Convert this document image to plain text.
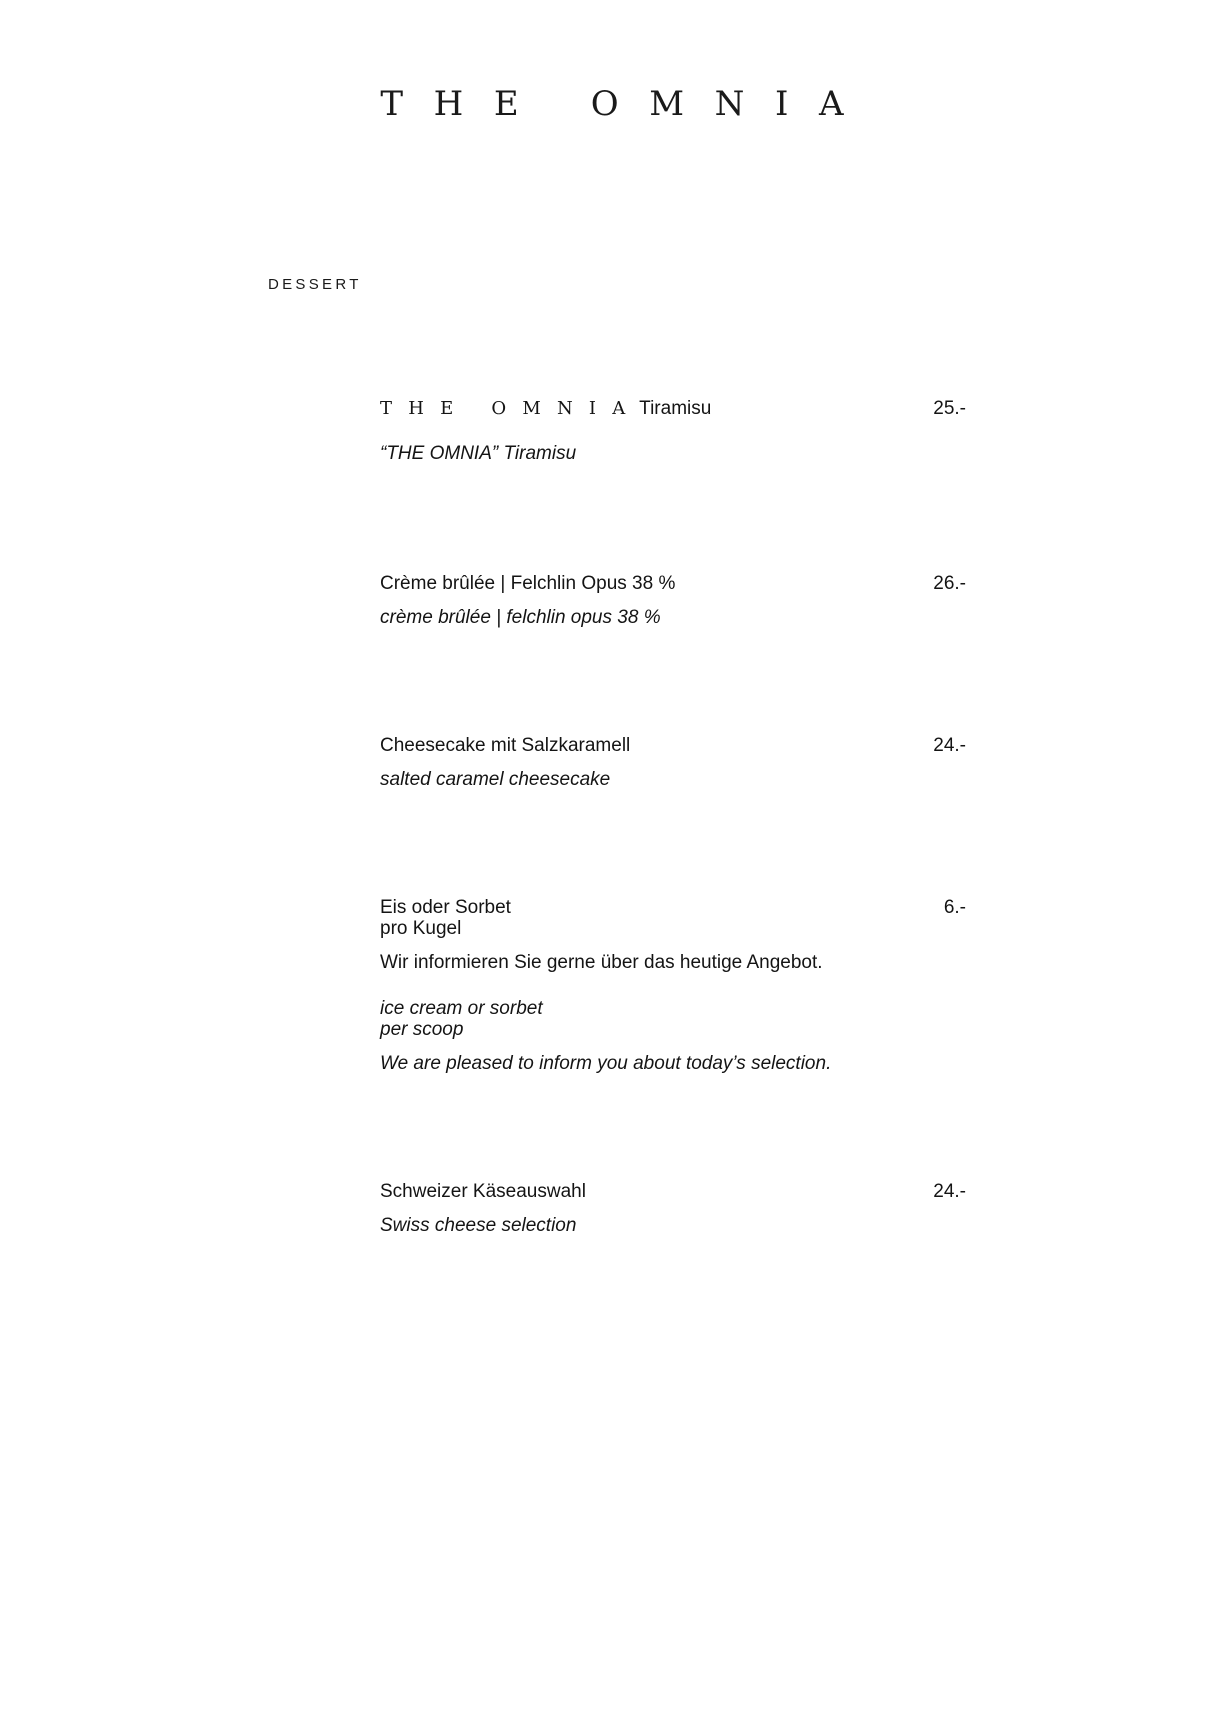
THE OMNIA
DESSERT
THE OMNIA Tiramisu	25.-
“THE OMNIA” Tiramisu
Crème brûlée | Felchlin Opus 38 %	26.-
crème brûlée | felchlin opus 38 %
Cheesecake mit Salzkaramell	24.-
salted caramel cheesecake
Eis oder Sorbet	6.-
pro Kugel
Wir informieren Sie gerne über das heutige Angebot.
ice cream or sorbet
per scoop
We are pleased to inform you about today’s selection.
Schweizer Käseauswahl	24.-
Swiss cheese selection
